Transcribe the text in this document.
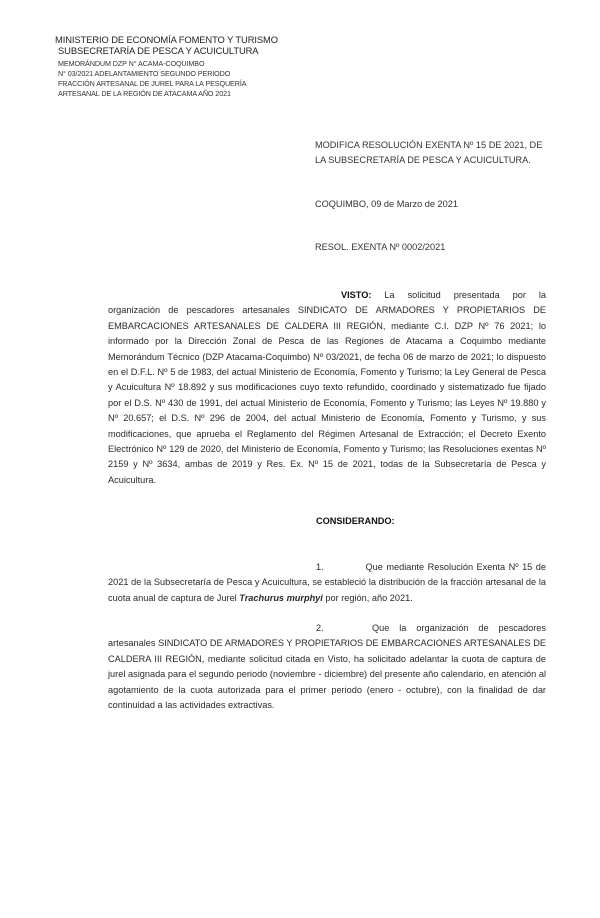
MINISTERIO DE ECONOMÍA FOMENTO Y TURISMO
SUBSECRETARÍA DE PESCA Y ACUICULTURA
MEMORÁNDUM DZP N° ACAMA-COQUIMBO
N° 03/2021 ADELANTAMIENTO SEGUNDO PERIODO
FRACCIÓN ARTESANAL DE JUREL PARA LA PESQUERÍA
ARTESANAL DE LA REGIÓN DE ATACAMA AÑO 2021
MODIFICA RESOLUCIÓN EXENTA Nº 15 DE 2021, DE LA SUBSECRETARÍA DE PESCA Y ACUICULTURA.
COQUIMBO, 09 de Marzo de 2021
RESOL. EXENTA Nº 0002/2021
VISTO: La solicitud presentada por la organización de pescadores artesanales SINDICATO DE ARMADORES Y PROPIETARIOS DE EMBARCACIONES ARTESANALES DE CALDERA III REGIÓN, mediante C.I. DZP Nº 76 2021; lo informado por la Dirección Zonal de Pesca de las Regiones de Atacama a Coquimbo mediante Memorándum Técnico (DZP Atacama-Coquimbo) Nº 03/2021, de fecha 06 de marzo de 2021; lo dispuesto en el D.F.L. Nº 5 de 1983, del actual Ministerio de Economía, Fomento y Turismo; la Ley General de Pesca y Acuicultura Nº 18.892 y sus modificaciones cuyo texto refundido, coordinado y sistematizado fue fijado por el D.S. Nº 430 de 1991, del actual Ministerio de Economía, Fomento y Turismo; las Leyes Nº 19.880 y Nº 20.657; el D.S. Nº 296 de 2004, del actual Ministerio de Economía, Fomento y Turismo, y sus modificaciones, que aprueba el Reglamento del Régimen Artesanal de Extracción; el Decreto Exento Electrónico Nº 129 de 2020, del Ministerio de Economía, Fomento y Turismo; las Resoluciones exentas Nº 2159 y Nº 3634, ambas de 2019 y Res. Ex. Nº 15 de 2021, todas de la Subsecretaría de Pesca y Acuicultura.
CONSIDERANDO:
1.	Que mediante Resolución Exenta Nº 15 de 2021 de la Subsecretaría de Pesca y Acuicultura, se estableció la distribución de la fracción artesanal de la cuota anual de captura de Jurel Trachurus murphyi por región, año 2021.
2.	Que la organización de pescadores artesanales SINDICATO DE ARMADORES Y PROPIETARIOS DE EMBARCACIONES ARTESANALES DE CALDERA III REGIÓN, mediante solicitud citada en Visto, ha solicitado adelantar la cuota de captura de jurel asignada para el segundo periodo (noviembre - diciembre) del presente año calendario, en atención al agotamiento de la cuota autorizada para el primer periodo (enero - octubre), con la finalidad de dar continuidad a las actividades extractivas.
